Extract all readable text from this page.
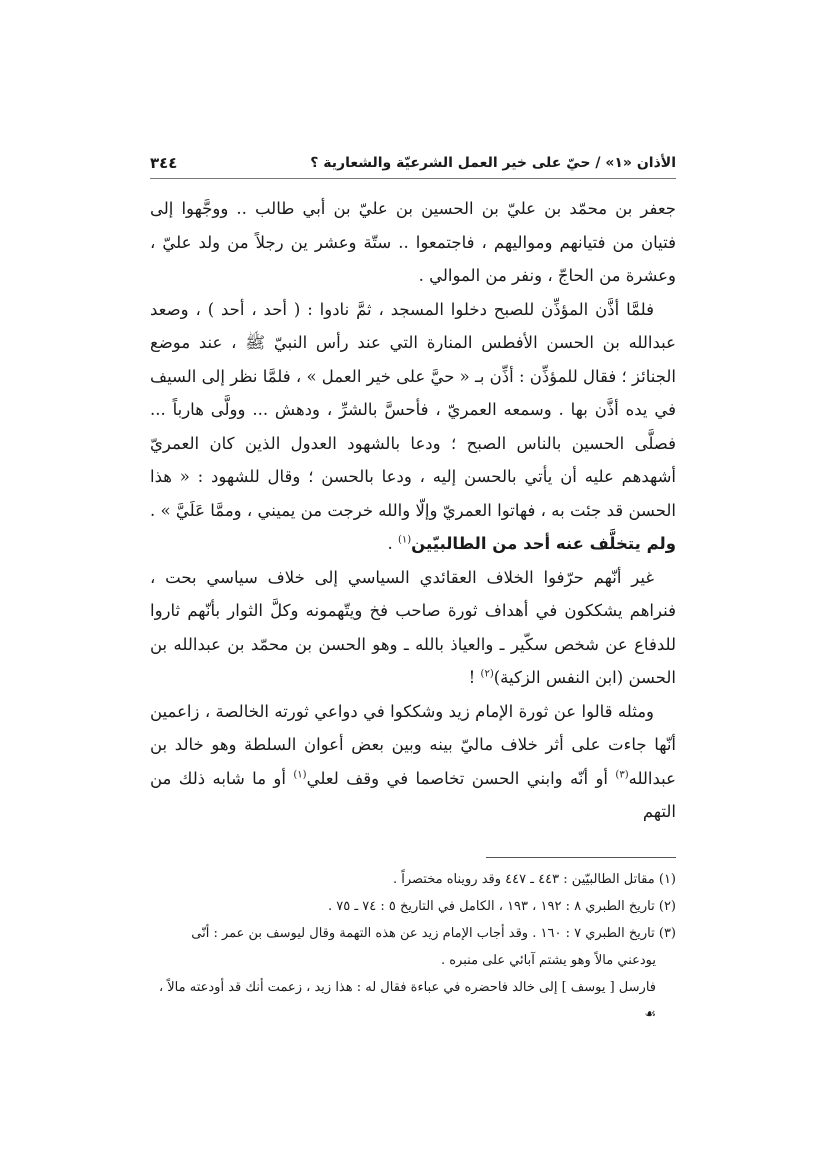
٣٤٤	الأذان «١» / حيّ على خير العمل الشرعيّة والشعارية ؟

جعفر بن محمّد بن عليّ بن الحسين بن عليّ بن أبي طالب .. ووجَّهوا إلى فتيان من فتيانهم ومواليهم ، فاجتمعوا .. ستّة وعشر ين رجلاً من ولد عليّ ، وعشرة من الحاجّ ، ونفر من الموالي .

فلمَّا أذَّن المؤذِّن للصبح دخلوا المسجد ، ثمَّ نادوا : ( أحد ، أحد ) ، وصعد عبدالله بن الحسن الأفطس المنارة التي عند رأس النبيّ ﷺ ، عند موضع الجنائز ؛ فقال للمؤذِّن : أذِّن بـ « حيَّ على خير العمل » ، فلمَّا نظر إلى السيف في يده أذَّن بها . وسمعه العمريّ ، فأحسَّ بالشرِّ ، ودهش ... وولَّى هارباً ... فصلَّى الحسين بالناس الصبح ؛ ودعا بالشهود العدول الذين كان العمريّ أشهدهم عليه أن يأتي بالحسن إليه ، ودعا بالحسن ؛ وقال للشهود : « هذا الحسن قد جئت به ، فهاتوا العمريّ وإلّا والله خرجت من يميني ، وممَّا عَلَيَّ » . ولم يتخلَّف عنه أحد من الطالبيّين$^{(١)}$ .

غير أنّهم حرّفوا الخلاف العقائدي السياسي إلى خلاف سياسي بحت ، فنراهم يشككون في أهداف ثورة صاحب فخ ويتّهمونه وكلَّ الثوار بأنّهم ثاروا للدفاع عن شخص سكّير ـ والعياذ بالله ـ وهو الحسن بن محمّد بن عبدالله بن الحسن (ابن النفس الزكية)$^{(٢)}$ !

ومثله قالوا عن ثورة الإمام زيد وشككوا في دواعي ثورته الخالصة ، زاعمين أنّها جاءت على أثر خلاف ماليّ بينه وبين بعض أعوان السلطة وهو خالد بن عبدالله$^{(٣)}$ أو أنّه وابني الحسن تخاصما في وقف لعلي$^{(١)}$ أو ما شابه ذلك من التهم

(١) مقاتل الطالبيّين : ٤٤٣ ـ ٤٤٧ وقد رويناه مختصراً .

(٢) تاريخ الطبري ٨ : ١٩٢ ، ١٩٣ ، الكامل في التاريخ ٥ : ٧٤ ـ ٧٥ .

(٣) تاريخ الطبري ٧ : ١٦٠ . وقد أجاب الإمام زيد عن هذه التهمة وقال ليوسف بن عمر : أنّى

يودعني مالاً وهو يشتم آبائي على منبره .

فارسل [ يوسف ] إلى خالد فاحضره في عباءة فقال له : هذا زيد ، زعمت أنك قد أودعته مالاً ،

☙
